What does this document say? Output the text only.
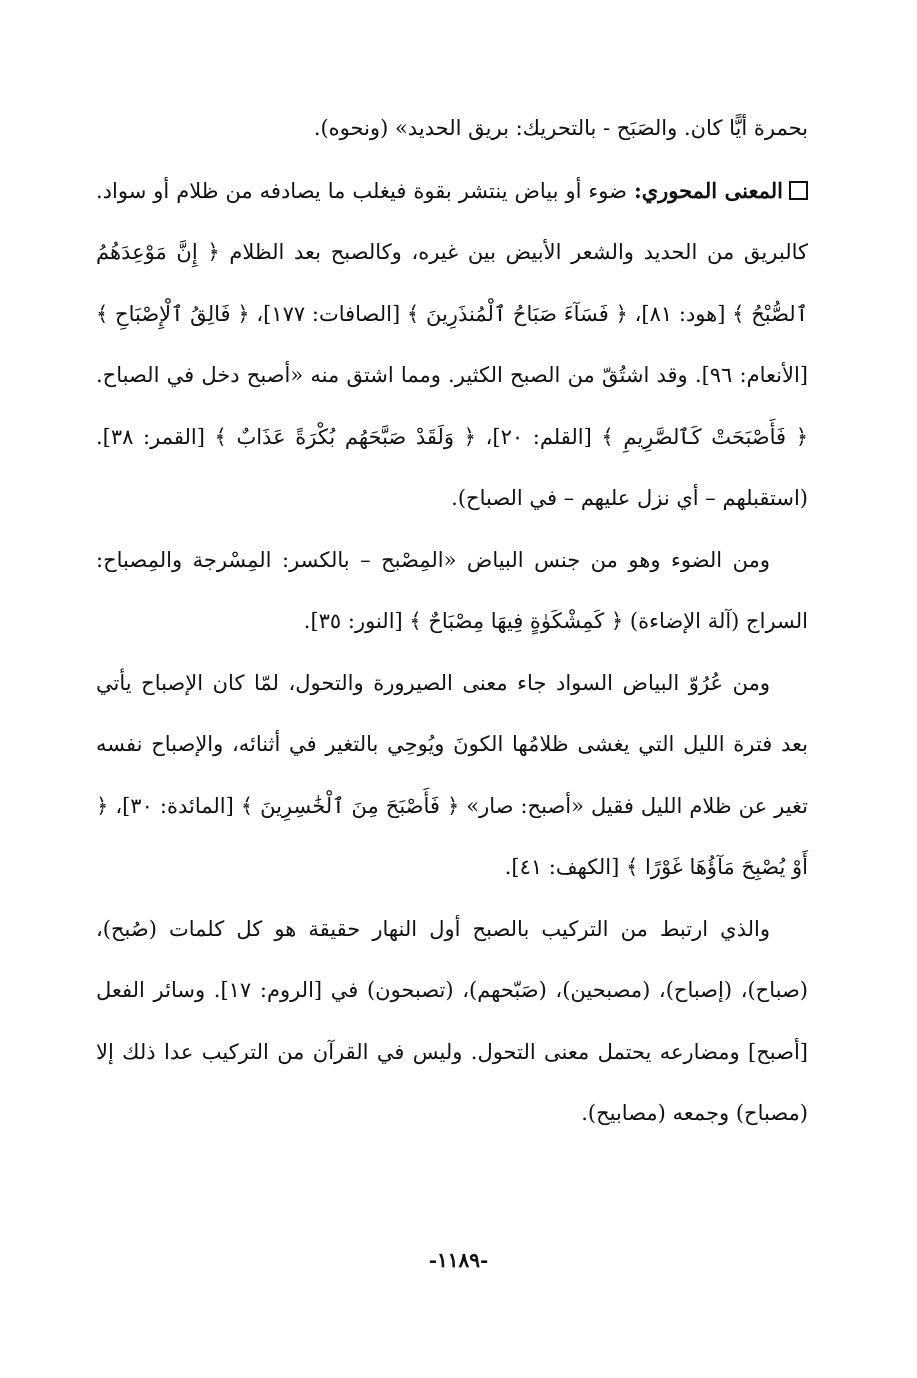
بحمرة أيًّا كان. والصَبَح - بالتحريك: بريق الحديد» (ونحوه).

المعنى المحوري: ضوء أو بياض ينتشر بقوة فيغلب ما يصادفه من ظلام أو سواد. كالبريق من الحديد والشعر الأبيض بين غيره، وكالصبح بعد الظلام ﴿ إِنَّ مَوْعِدَهُمُ ٱلصُّبْحُ ﴾ [هود: ٨١]، ﴿ فَسَآءَ صَبَاحُ ٱلْمُنذَرِينَ ﴾ [الصافات: ١٧٧]، ﴿ فَالِقُ ٱلْإِصْبَاحِ ﴾ [الأنعام: ٩٦]. وقد اشتُقّ من الصبح الكثير. ومما اشتق منه «أصبح دخل في الصباح. ﴿ فَأَصْبَحَتْ كَٱلصَّرِيمِ ﴾ [القلم: ٢٠]، ﴿ وَلَقَدْ صَبَّحَهُم بُكْرَةً عَذَابٌ ﴾ [القمر: ٣٨]. (استقبلهم – أي نزل عليهم – في الصباح).

ومن الضوء وهو من جنس البياض «المِصْبح – بالكسر: المِسْرجة والمِصباح: السراج (آلة الإضاءة) ﴿ كَمِشْكَوٰةٍ فِيهَا مِصْبَاحٌ ﴾ [النور: ٣٥].

ومن عُرُوّ البياض السواد جاء معنى الصيرورة والتحول، لمّا كان الإصباح يأتي بعد فترة الليل التي يغشى ظلامُها الكونَ ويُوحِي بالتغير في أثنائه، والإصباح نفسه تغير عن ظلام الليل فقيل «أصبح: صار» ﴿ فَأَصْبَحَ مِنَ ٱلْخَٰسِرِينَ ﴾ [المائدة: ٣٠]، ﴿ أَوْ يُصْبِحَ مَآؤُهَا غَوْرًا ﴾ [الكهف: ٤١].

والذي ارتبط من التركيب بالصبح أول النهار حقيقة هو كل كلمات (صُبح)، (صباح)، (إصباح)، (مصبحين)، (صَبّحهم)، (تصبحون) في [الروم: ١٧]. وسائر الفعل [أصبح] ومضارعه يحتمل معنى التحول. وليس في القرآن من التركيب عدا ذلك إلا (مصباح) وجمعه (مصابيح).

-١١٨٩-
